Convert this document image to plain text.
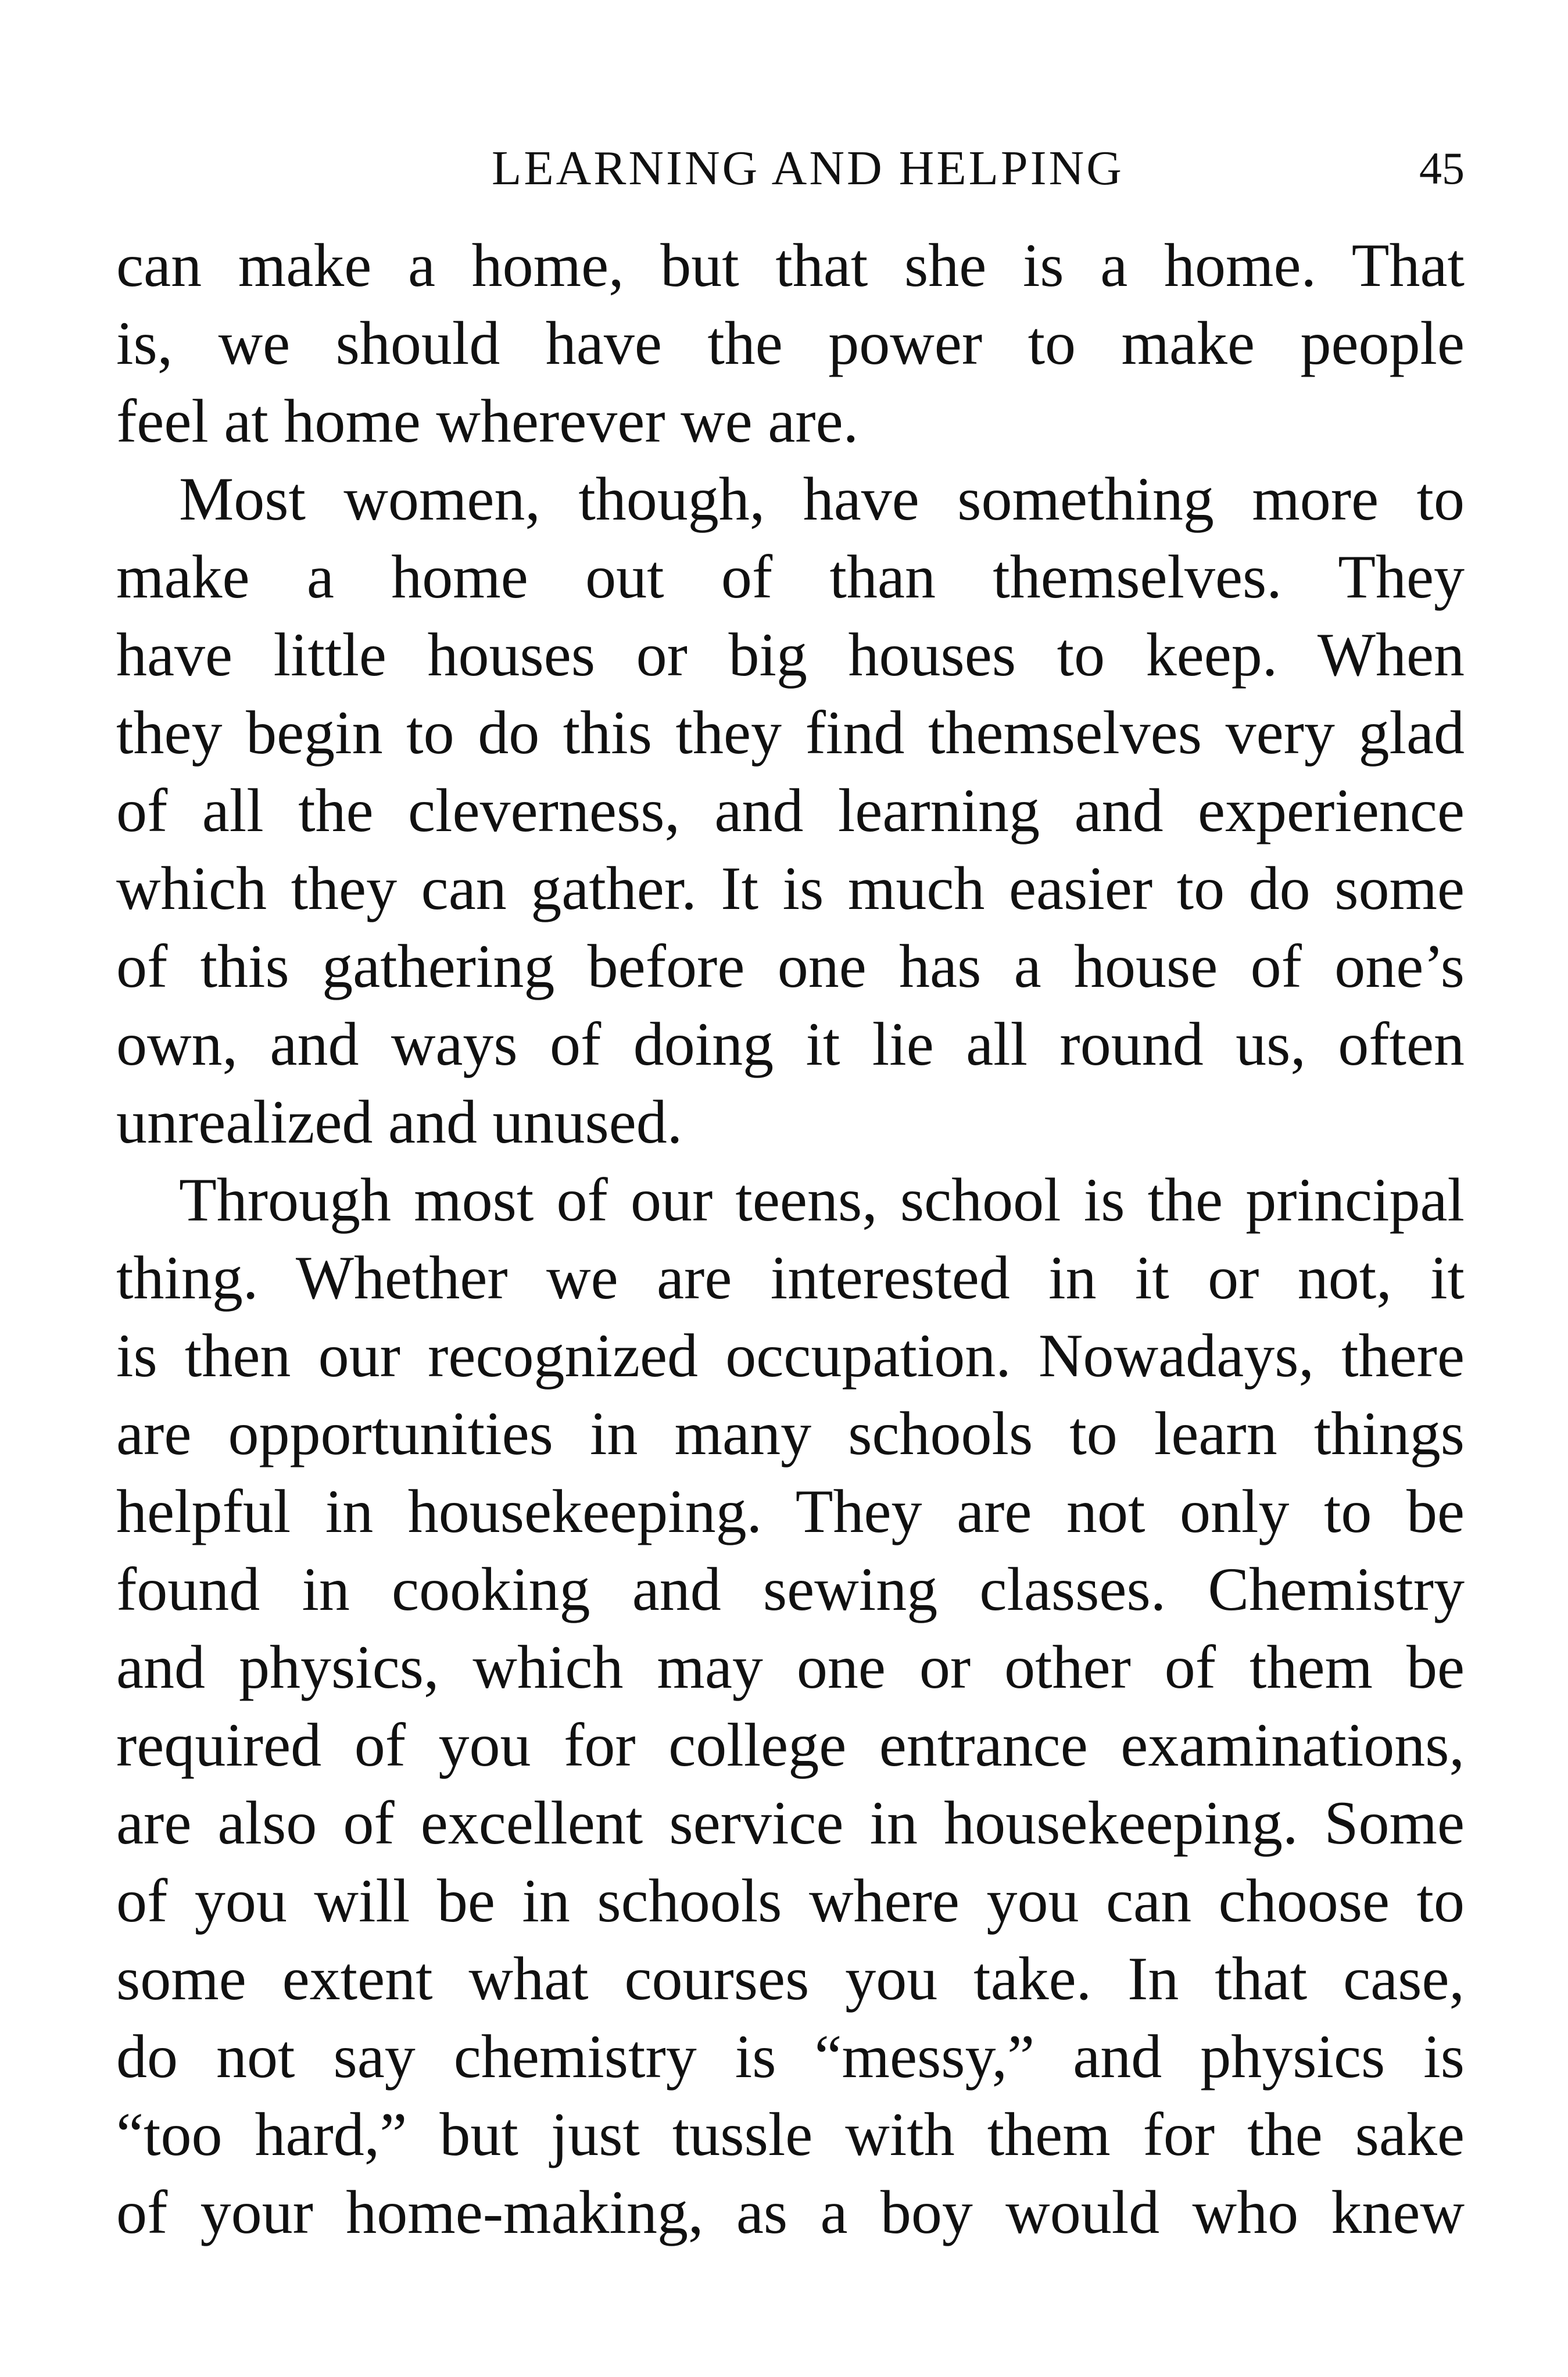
LEARNING AND HELPING	45

can make a home, but that she is a home. That
is, we should have the power to make people
feel at home wherever we are.

Most women, though, have something more to
make a home out of than themselves. They
have little houses or big houses to keep. When
they begin to do this they find themselves very glad
of all the cleverness, and learning and experience
which they can gather. It is much easier to do some
of this gathering before one has a house of one’s
own, and ways of doing it lie all round us, often
unrealized and unused.

Through most of our teens, school is the principal
thing. Whether we are interested in it or not, it
is then our recognized occupation. Nowadays, there
are opportunities in many schools to learn things
helpful in housekeeping. They are not only to be
found in cooking and sewing classes. Chemistry
and physics, which may one or other of them be
required of you for college entrance examinations,
are also of excellent service in housekeeping. Some
of you will be in schools where you can choose to
some extent what courses you take. In that case,
do not say chemistry is “messy,” and physics is
“too hard,” but just tussle with them for the sake
of your home-making, as a boy would who knew
